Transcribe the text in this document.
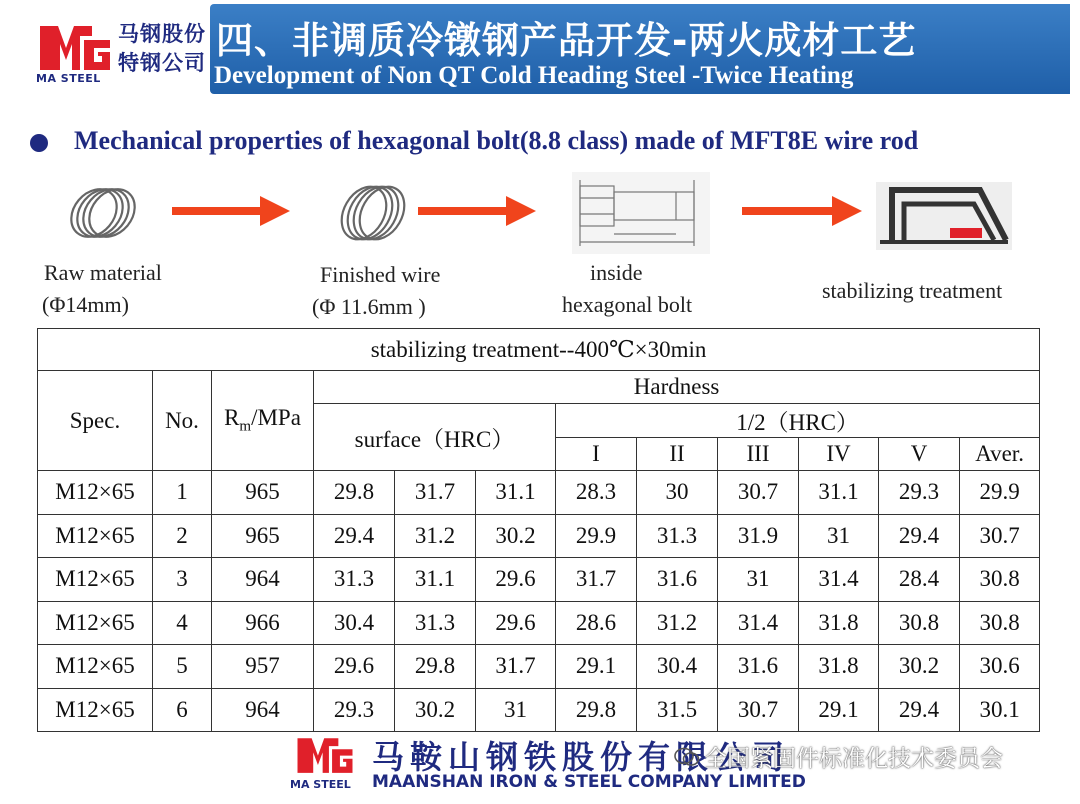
马钢股份
特钢公司
MA STEEL
四、非调质冷镦钢产品开发-两火成材工艺
Development of Non QT Cold Heading Steel -Twice Heating
Mechanical properties of hexagonal bolt(8.8 class) made of MFT8E wire rod
Raw material
(Φ14mm)
Finished wire
(Φ 11.6mm )
inside
hexagonal bolt
stabilizing treatment
stabilizing treatment--400℃×30min											
Spec.	No.	$R_m$/MPa	Hardness								
			surface（HRC）			1/2（HRC）					
						I	II	III	IV	V	Aver.
M12×65	1	965	29.8	31.7	31.1	28.3	30	30.7	31.1	29.3	29.9
M12×65	2	965	29.4	31.2	30.2	29.9	31.3	31.9	31	29.4	30.7
M12×65	3	964	31.3	31.1	29.6	31.7	31.6	31	31.4	28.4	30.8
M12×65	4	966	30.4	31.3	29.6	28.6	31.2	31.4	31.8	30.8	30.8
M12×65	5	957	29.6	29.8	31.7	29.1	30.4	31.6	31.8	30.2	30.6
M12×65	6	964	29.3	30.2	31	29.8	31.5	30.7	29.1	29.4	30.1
MA STEEL
马鞍山钢铁股份有限公司
MAANSHAN IRON & STEEL COMPANY LIMITED
全国紧固件标准化技术委员会
